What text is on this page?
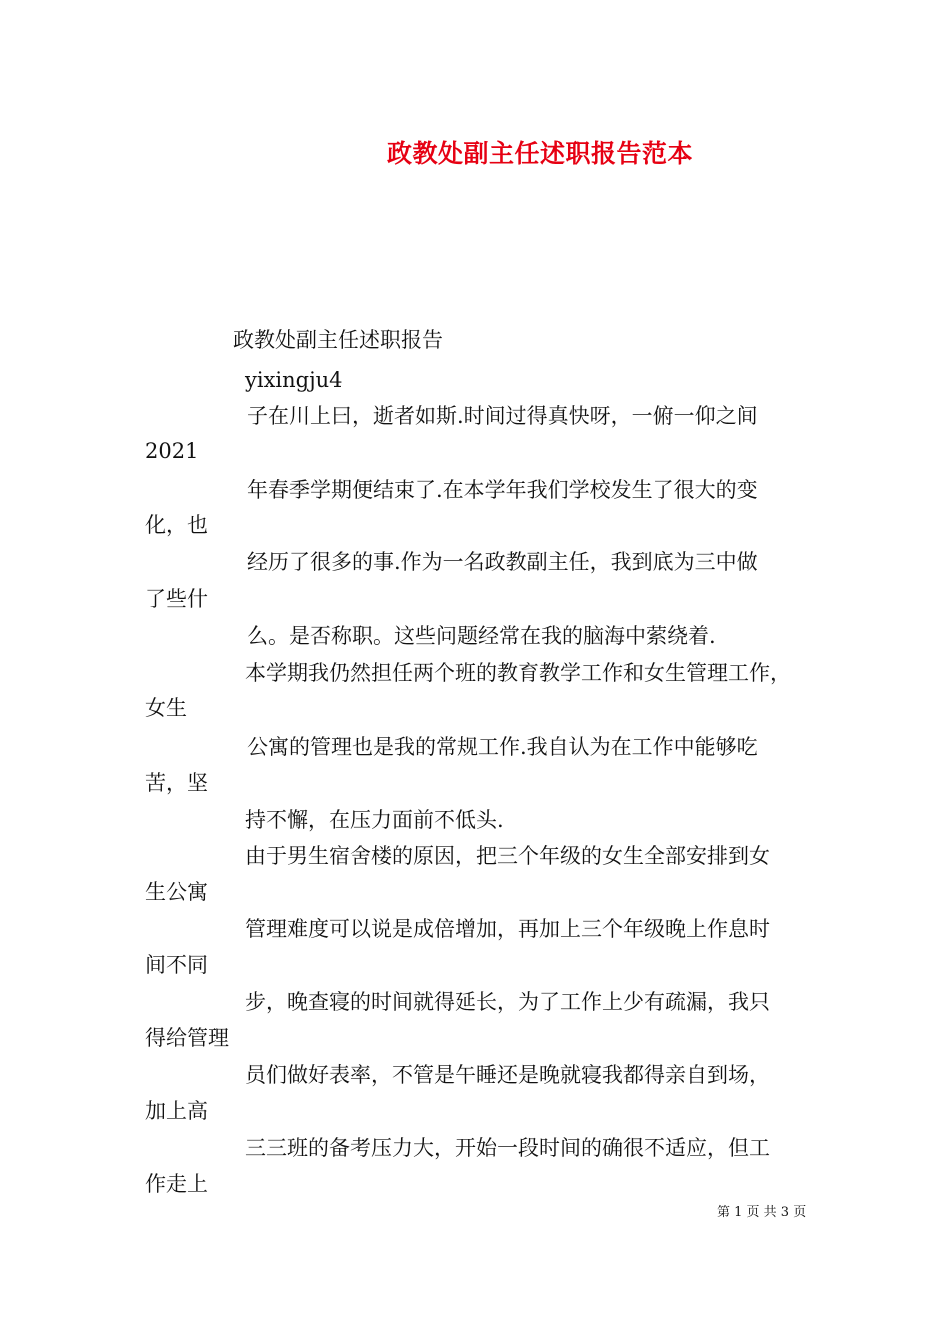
政教处副主任述职报告范本
政教处副主任述职报告
yixingju4
子在川上曰，逝者如斯.时间过得真快呀，一俯一仰之间
2021
年春季学期便结束了.在本学年我们学校发生了很大的变
化，也
经历了很多的事.作为一名政教副主任，我到底为三中做
了些什
么。是否称职。这些问题经常在我的脑海中萦绕着.
本学期我仍然担任两个班的教育教学工作和女生管理工作，
女生
公寓的管理也是我的常规工作.我自认为在工作中能够吃
苦，坚
持不懈，在压力面前不低头.
由于男生宿舍楼的原因，把三个年级的女生全部安排到女
生公寓
管理难度可以说是成倍增加，再加上三个年级晚上作息时
间不同
步，晚查寝的时间就得延长，为了工作上少有疏漏，我只
得给管理
员们做好表率，不管是午睡还是晚就寝我都得亲自到场，
加上高
三三班的备考压力大，开始一段时间的确很不适应，但工
作走上
第 1 页 共 3 页
